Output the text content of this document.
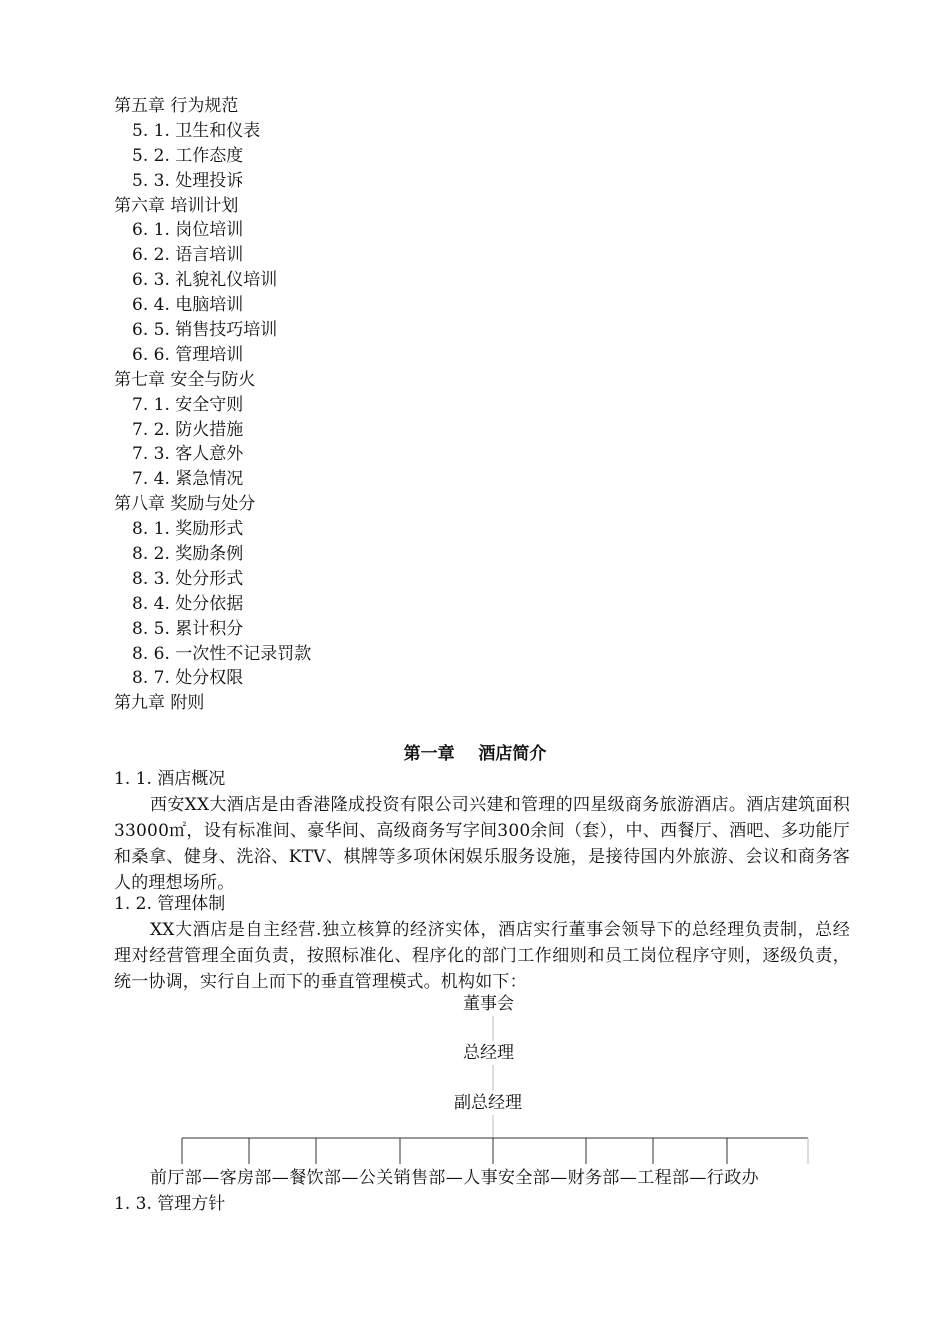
第五章 行为规范
5. 1. 卫生和仪表
5. 2. 工作态度
5. 3. 处理投诉
第六章 培训计划
6. 1. 岗位培训
6. 2. 语言培训
6. 3. 礼貌礼仪培训
6. 4. 电脑培训
6. 5. 销售技巧培训
6. 6. 管理培训
第七章 安全与防火
7. 1. 安全守则
7. 2. 防火措施
7. 3. 客人意外
7. 4. 紧急情况
第八章 奖励与处分
8. 1. 奖励形式
8. 2. 奖励条例
8. 3. 处分形式
8. 4. 处分依据
8. 5. 累计积分
8. 6. 一次性不记录罚款
8. 7. 处分权限
第九章 附则
第一章    酒店简介
1. 1. 酒店概况
西安XX大酒店是由香港隆成投资有限公司兴建和管理的四星级商务旅游酒店。酒店建筑面积33000㎡，设有标准间、豪华间、高级商务写字间300余间（套），中、西餐厅、酒吧、多功能厅和桑拿、健身、洗浴、KTV、棋牌等多项休闲娱乐服务设施，是接待国内外旅游、会议和商务客人的理想场所。
1. 2. 管理体制
XX大酒店是自主经营.独立核算的经济实体，酒店实行董事会领导下的总经理负责制，总经理对经营管理全面负责，按照标准化、程序化的部门工作细则和员工岗位程序守则，逐级负责，统一协调，实行自上而下的垂直管理模式。机构如下：
董事会
总经理
副总经理
前厅部—客房部—餐饮部—公关销售部—人事安全部—财务部—工程部—行政办
1. 3. 管理方针
